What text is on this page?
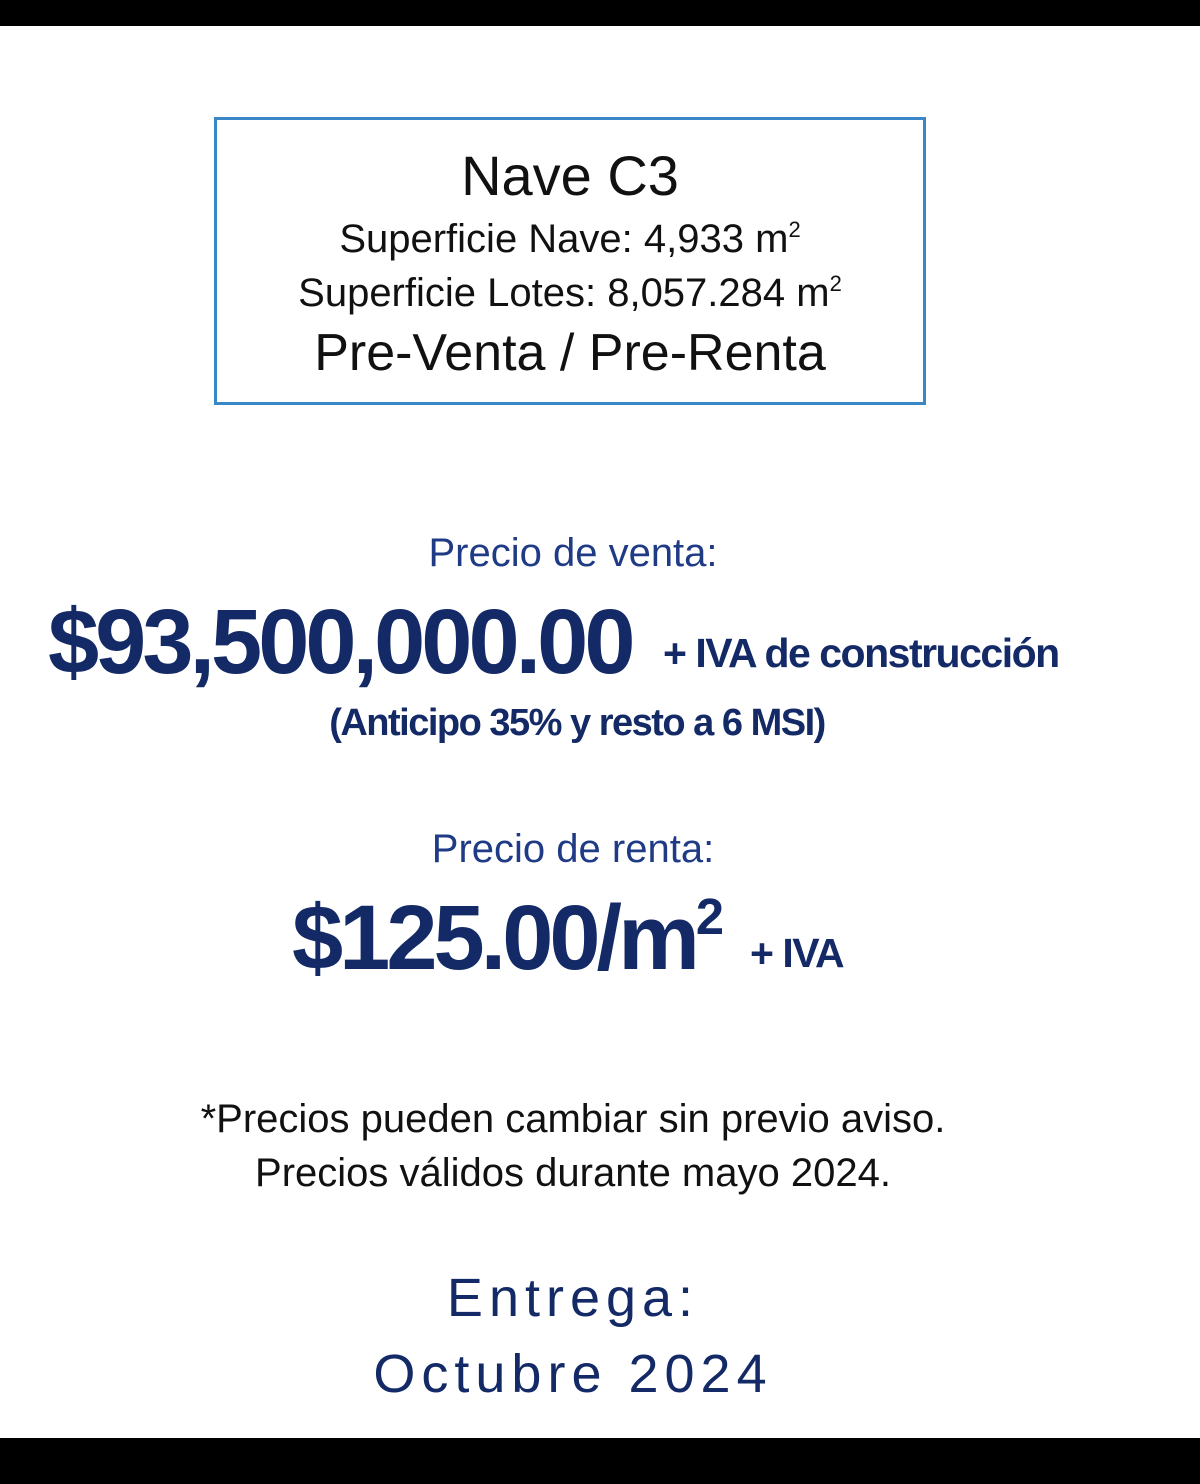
Nave C3
Superficie Nave: 4,933 $m^2$
Superficie Lotes: 8,057.284 $m^2$
Pre-Venta / Pre-Renta
Precio de venta:
$93,500,000.00 + IVA de construcción
(Anticipo 35% y resto a 6 MSI)
Precio de renta:
$\$125.00/m^2$
+ IVA
*Precios pueden cambiar sin previo aviso.
Precios válidos durante mayo 2024.
Entrega:
Octubre 2024
